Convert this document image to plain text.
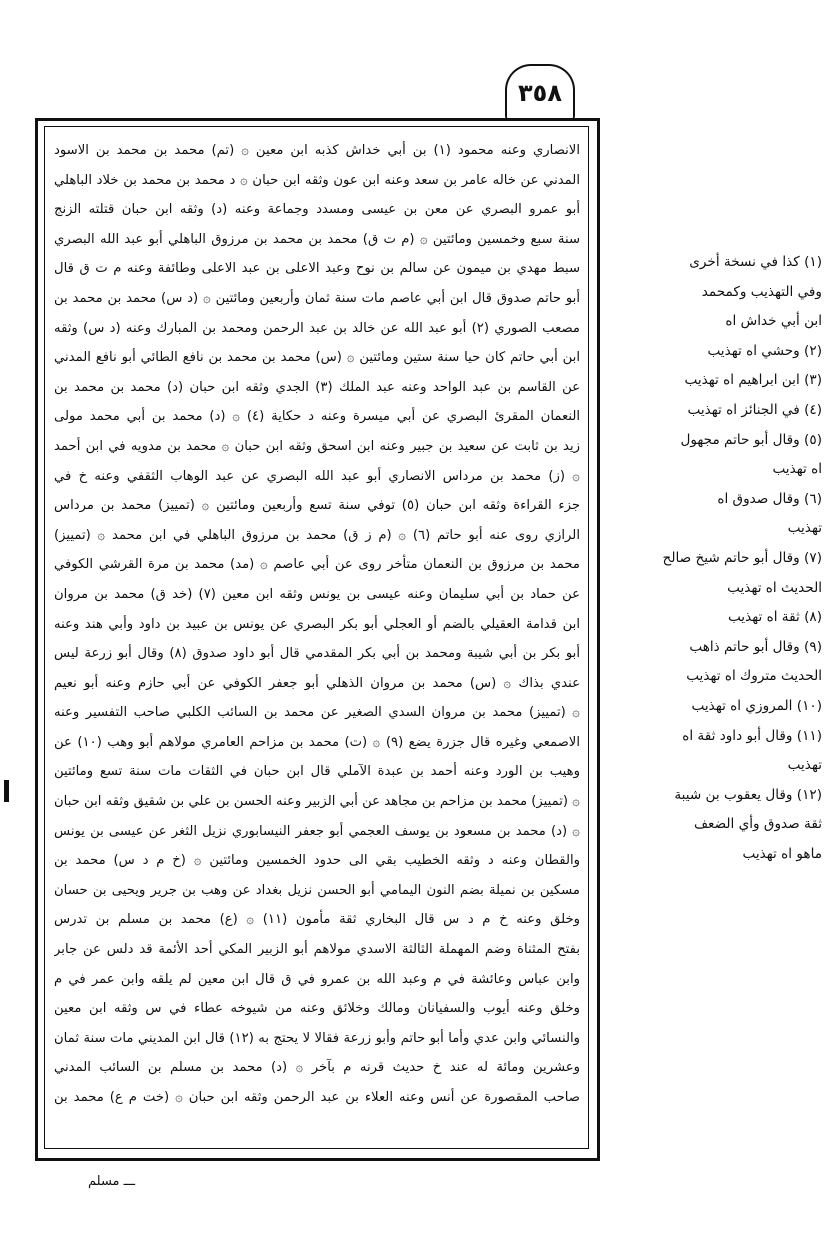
٣٥٨
الانصاري وعنه محمود (١) بن أبي خداش كذبه ابن معين ۞ (تم) محمد بن محمد بن الاسود
المدني عن خاله عامر بن سعد وعنه ابن عون وثقه ابن حبان ۞ د محمد بن محمد بن خلاد الباهلي
أبو عمرو البصري عن معن بن عيسى ومسدد وجماعة وعنه (د) وثقه ابن حبان قتلته الزنج
سنة سبع وخمسين ومائتين ۞ (م ت ق) محمد بن محمد بن مرزوق الباهلي أبو عبد الله البصري
سبط مهدي بن ميمون عن سالم بن نوح وعبد الاعلى بن عبد الاعلى وطائفة وعنه م ت ق قال
أبو حاتم صدوق قال ابن أبي عاصم مات سنة ثمان وأربعين ومائتين ۞ (د س) محمد بن محمد بن
مصعب الصوري (٢) أبو عبد الله عن خالد بن عبد الرحمن ومحمد بن المبارك وعنه (د س) وثقه
ابن أبي حاتم كان حيا سنة ستين ومائتين ۞ (س) محمد بن محمد بن نافع الطائي أبو نافع المدني
عن القاسم بن عبد الواحد وعنه عبد الملك (٣) الجدي وثقه ابن حبان (د) محمد بن محمد بن
النعمان المقرئ البصري عن أبي ميسرة وعنه د حكاية (٤) ۞ (د) محمد بن أبي محمد مولى
زيد بن ثابت عن سعيد بن جبير وعنه ابن اسحق وثقه ابن حبان ۞ محمد بن مدويه في ابن أحمد
۞ (ز) محمد بن مرداس الانصاري أبو عبد الله البصري عن عبد الوهاب الثقفي وعنه خ في
جزء القراءة وثقه ابن حبان (٥) توفي سنة تسع وأربعين ومائتين ۞ (تمييز) محمد بن مرداس
الرازي روى عنه أبو حاتم (٦) ۞ (م ز ق) محمد بن مرزوق الباهلي في ابن محمد ۞ (تمييز)
محمد بن مرزوق بن النعمان متأخر روى عن أبي عاصم ۞ (مد) محمد بن مرة القرشي الكوفي
عن حماد بن أبي سليمان وعنه عيسى بن يونس وثقه ابن معين (٧) (خد ق) محمد بن مروان
ابن قدامة العقيلي بالضم أو العجلي أبو بكر البصري عن يونس بن عبيد بن داود وأبي هند وعنه
أبو بكر بن أبي شيبة ومحمد بن أبي بكر المقدمي قال أبو داود صدوق (٨) وقال أبو زرعة ليس
عندي بذاك ۞ (س) محمد بن مروان الذهلي أبو جعفر الكوفي عن أبي حازم وعنه أبو نعيم
۞ (تمييز) محمد بن مروان السدي الصغير عن محمد بن السائب الكلبي صاحب التفسير وعنه
الاصمعي وغيره قال جزرة يضع (٩) ۞ (ت) محمد بن مزاحم العامري مولاهم أبو وهب (١٠) عن
وهيب بن الورد وعنه أحمد بن عبدة الآملي قال ابن حبان في الثقات مات سنة تسع ومائتين
۞ (تمييز) محمد بن مزاحم بن مجاهد عن أبي الزبير وعنه الحسن بن علي بن شقيق وثقه ابن حبان
۞ (د) محمد بن مسعود بن يوسف العجمي أبو جعفر النيسابوري نزيل الثغر عن عيسى بن يونس
والقطان وعنه د وثقه الخطيب بقي الى حدود الخمسين ومائتين ۞ (خ م د س) محمد بن
مسكين بن نميلة بضم النون اليمامي أبو الحسن نزيل بغداد عن وهب بن جرير ويحيى بن حسان
وخلق وعنه خ م د س قال البخاري ثقة مأمون (١١) ۞ (ع) محمد بن مسلم بن تدرس
بفتح المثناة وضم المهملة الثالثة الاسدي مولاهم أبو الزبير المكي أحد الأئمة قد دلس عن جابر
وابن عباس وعائشة في م وعبد الله بن عمرو في ق قال ابن معين لم يلقه وابن عمر في م
وخلق وعنه أيوب والسفيانان ومالك وخلائق وعنه من شيوخه عطاء في س وثقه ابن معين
والنسائي وابن عدي وأما أبو حاتم وأبو زرعة فقالا لا يحتج به (١٢) قال ابن المديني مات سنة ثمان
وعشرين ومائة له عند خ حديث قرنه م بآخر ۞ (د) محمد بن مسلم بن السائب المدني
صاحب المقصورة عن أنس وعنه العلاء بن عبد الرحمن وثقه ابن حبان ۞ (خت م ع) محمد بن
(١) كذا في نسخة أخرى
وفي التهذيب وكمحمد
ابن أبي خداش اه
(٢) وحشي اه تهذيب
(٣) ابن ابراهيم اه تهذيب
(٤) في الجنائز اه تهذيب
(٥) وقال أبو حاتم مجهول
اه تهذيب
(٦) وقال صدوق اه
تهذيب
(٧) وقال أبو حاتم شيخ صالح
الحديث اه تهذيب
(٨) ثقة اه تهذيب
(٩) وقال أبو حاتم ذاهب
الحديث متروك اه تهذيب
(١٠) المروزي اه تهذيب
(١١) وقال أبو داود ثقة اه
تهذيب
(١٢) وقال يعقوب بن شيبة
ثقة صدوق وأي الضعف
ماهو اه تهذيب
ـــ مسلم
